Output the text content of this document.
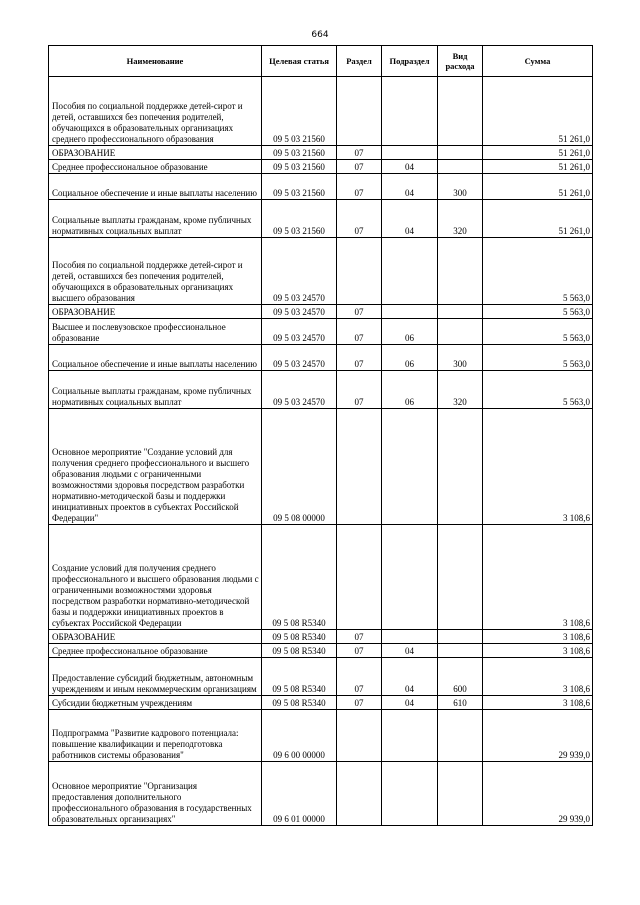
664
Наименование	Целевая статья	Раздел	Подраздел	Вид расхода	Сумма
Пособия по социальной поддержке детей-сирот и детей, оставшихся без попечения родителей, обучающихся в образовательных организациях среднего профессионального образования	09 5 03 21560				51 261,0
ОБРАЗОВАНИЕ	09 5 03 21560	07			51 261,0
Среднее профессиональное образование	09 5 03 21560	07	04		51 261,0
Социальное обеспечение и иные выплаты населению	09 5 03 21560	07	04	300	51 261,0
Социальные выплаты гражданам, кроме публичных нормативных социальных выплат	09 5 03 21560	07	04	320	51 261,0
Пособия по социальной поддержке детей-сирот и детей, оставшихся без попечения родителей, обучающихся в образовательных организациях высшего образования	09 5 03 24570				5 563,0
ОБРАЗОВАНИЕ	09 5 03 24570	07			5 563,0
Высшее и послевузовское профессиональное образование	09 5 03 24570	07	06		5 563,0
Социальное обеспечение и иные выплаты населению	09 5 03 24570	07	06	300	5 563,0
Социальные выплаты гражданам, кроме публичных нормативных социальных выплат	09 5 03 24570	07	06	320	5 563,0
Основное мероприятие "Создание условий для получения среднего профессионального и высшего образования людьми с ограниченными возможностями здоровья посредством разработки нормативно-методической базы и поддержки инициативных проектов в субъектах Российской Федерации"	09 5 08 00000				3 108,6
Создание условий для получения среднего профессионального и высшего образования людьми с ограниченными возможностями здоровья посредством разработки нормативно-методической базы и поддержки инициативных проектов в субъектах Российской Федерации	09 5 08 R5340				3 108,6
ОБРАЗОВАНИЕ	09 5 08 R5340	07			3 108,6
Среднее профессиональное образование	09 5 08 R5340	07	04		3 108,6
Предоставление субсидий бюджетным, автономным учреждениям и иным некоммерческим организациям	09 5 08 R5340	07	04	600	3 108,6
Субсидии бюджетным учреждениям	09 5 08 R5340	07	04	610	3 108,6
Подпрограмма "Развитие кадрового потенциала: повышение квалификации и переподготовка работников системы образования"	09 6 00 00000				29 939,0
Основное мероприятие "Организация предоставления дополнительного профессионального образования в государственных образовательных организациях"	09 6 01 00000				29 939,0
